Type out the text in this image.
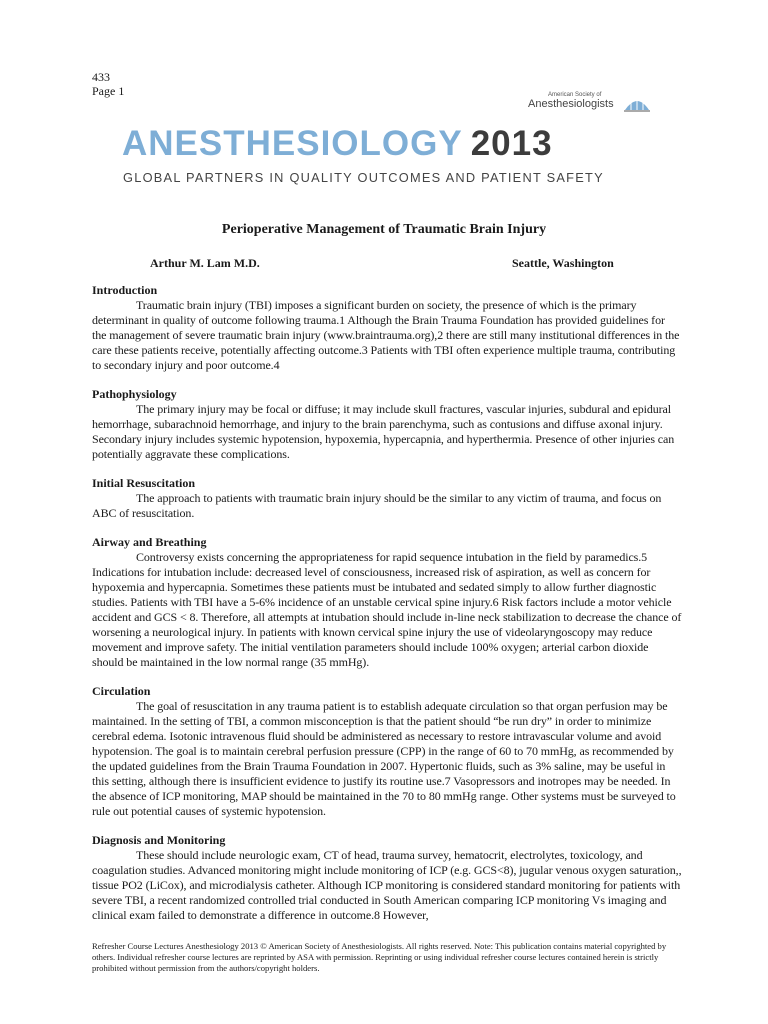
433
Page 1	American Society of
Anesthesiologists
ANESTHESIOLOGY 2013
GLOBAL PARTNERS IN QUALITY OUTCOMES AND PATIENT SAFETY
Perioperative Management of Traumatic Brain Injury
Arthur M. Lam M.D.	Seattle, Washington
Introduction

Traumatic brain injury (TBI) imposes a significant burden on society, the presence of which is the primary determinant in quality of outcome following trauma.1 Although the Brain Trauma Foundation has provided guidelines for the management of severe traumatic brain injury (www.braintrauma.org),2 there are still many institutional differences in the care these patients receive, potentially affecting outcome.3 Patients with TBI often experience multiple trauma, contributing to secondary injury and poor outcome.4

Pathophysiology

The primary injury may be focal or diffuse; it may include skull fractures, vascular injuries, subdural and epidural hemorrhage, subarachnoid hemorrhage, and injury to the brain parenchyma, such as contusions and diffuse axonal injury. Secondary injury includes systemic hypotension, hypoxemia, hypercapnia, and hyperthermia. Presence of other injuries can potentially aggravate these complications.

Initial Resuscitation

The approach to patients with traumatic brain injury should be the similar to any victim of trauma, and focus on ABC of resuscitation.

Airway and Breathing

Controversy exists concerning the appropriateness for rapid sequence intubation in the field by paramedics.5 Indications for intubation include: decreased level of consciousness, increased risk of aspiration, as well as concern for hypoxemia and hypercapnia. Sometimes these patients must be intubated and sedated simply to allow further diagnostic studies. Patients with TBI have a 5-6% incidence of an unstable cervical spine injury.6 Risk factors include a motor vehicle accident and GCS < 8. Therefore, all attempts at intubation should include in-line neck stabilization to decrease the chance of worsening a neurological injury. In patients with known cervical spine injury the use of videolaryngoscopy may reduce movement and improve safety. The initial ventilation parameters should include 100% oxygen; arterial carbon dioxide should be maintained in the low normal range (35 mmHg).

Circulation

The goal of resuscitation in any trauma patient is to establish adequate circulation so that organ perfusion may be maintained. In the setting of TBI, a common misconception is that the patient should “be run dry” in order to minimize cerebral edema. Isotonic intravenous fluid should be administered as necessary to restore intravascular volume and avoid hypotension. The goal is to maintain cerebral perfusion pressure (CPP) in the range of 60 to 70 mmHg, as recommended by the updated guidelines from the Brain Trauma Foundation in 2007. Hypertonic fluids, such as 3% saline, may be useful in this setting, although there is insufficient evidence to justify its routine use.7 Vasopressors and inotropes may be needed. In the absence of ICP monitoring, MAP should be maintained in the 70 to 80 mmHg range. Other systems must be surveyed to rule out potential causes of systemic hypotension.

Diagnosis and Monitoring

These should include neurologic exam, CT of head, trauma survey, hematocrit, electrolytes, toxicology, and coagulation studies. Advanced monitoring might include monitoring of ICP (e.g. GCS<8), jugular venous oxygen saturation,, tissue PO2 (LiCox), and microdialysis catheter. Although ICP monitoring is considered standard monitoring for patients with severe TBI, a recent randomized controlled trial conducted in South American comparing ICP monitoring Vs imaging and clinical exam failed to demonstrate a difference in outcome.8 However,

Refresher Course Lectures Anesthesiology 2013 © American Society of Anesthesiologists. All rights reserved. Note: This publication contains material copyrighted by others. Individual refresher course lectures are reprinted by ASA with permission. Reprinting or using individual refresher course lectures contained herein is strictly prohibited without permission from the authors/copyright holders.
